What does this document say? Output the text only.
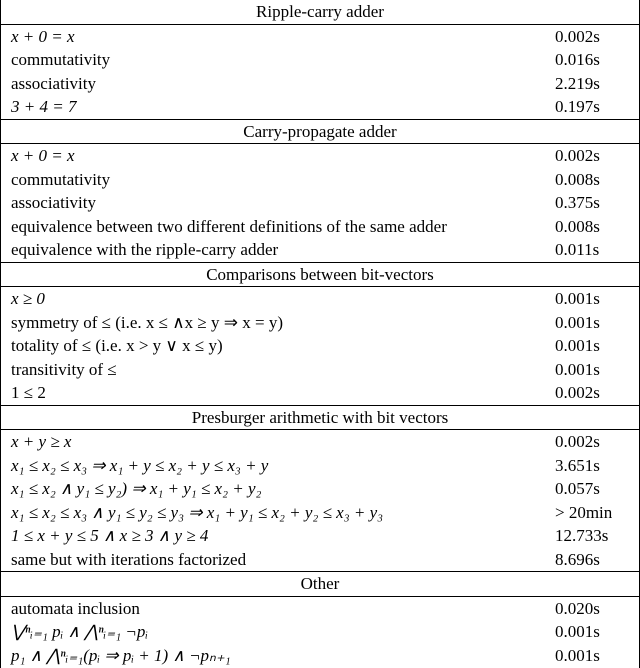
Ripple-carry adder
x + 0 = x	0.002s
commutativity	0.016s
associativity	2.219s
3 + 4 = 7	0.197s
Carry-propagate adder
x + 0 = x	0.002s
commutativity	0.008s
associativity	0.375s
equivalence between two different definitions of the same adder	0.008s
equivalence with the ripple-carry adder	0.011s
Comparisons between bit-vectors
x ≥ 0	0.001s
symmetry of ≤ (i.e. x ≤ ∧x ≥ y ⇒ x = y)	0.001s
totality of ≤ (i.e. x > y ∨ x ≤ y)	0.001s
transitivity of ≤	0.001s
1 ≤ 2	0.002s
Presburger arithmetic with bit vectors
x + y ≥ x	0.002s
x₁ ≤ x₂ ≤ x₃ ⇒ x₁ + y ≤ x₂ + y ≤ x₃ + y	3.651s
x₁ ≤ x₂ ∧ y₁ ≤ y₂) ⇒ x₁ + y₁ ≤ x₂ + y₂	0.057s
x₁ ≤ x₂ ≤ x₃ ∧ y₁ ≤ y₂ ≤ y₃ ⇒ x₁ + y₁ ≤ x₂ + y₂ ≤ x₃ + y₃	> 20min
1 ≤ x + y ≤ 5 ∧ x ≥ 3 ∧ y ≥ 4	12.733s
same but with iterations factorized	8.696s
Other
automata inclusion	0.020s
⋁ⁿᵢ₌₁ pᵢ ∧ ⋀ⁿᵢ₌₁ ¬pᵢ	0.001s
p₁ ∧ ⋀ⁿᵢ₌₁(pᵢ ⇒ pᵢ + 1) ∧ ¬pₙ₊₁	0.001s
